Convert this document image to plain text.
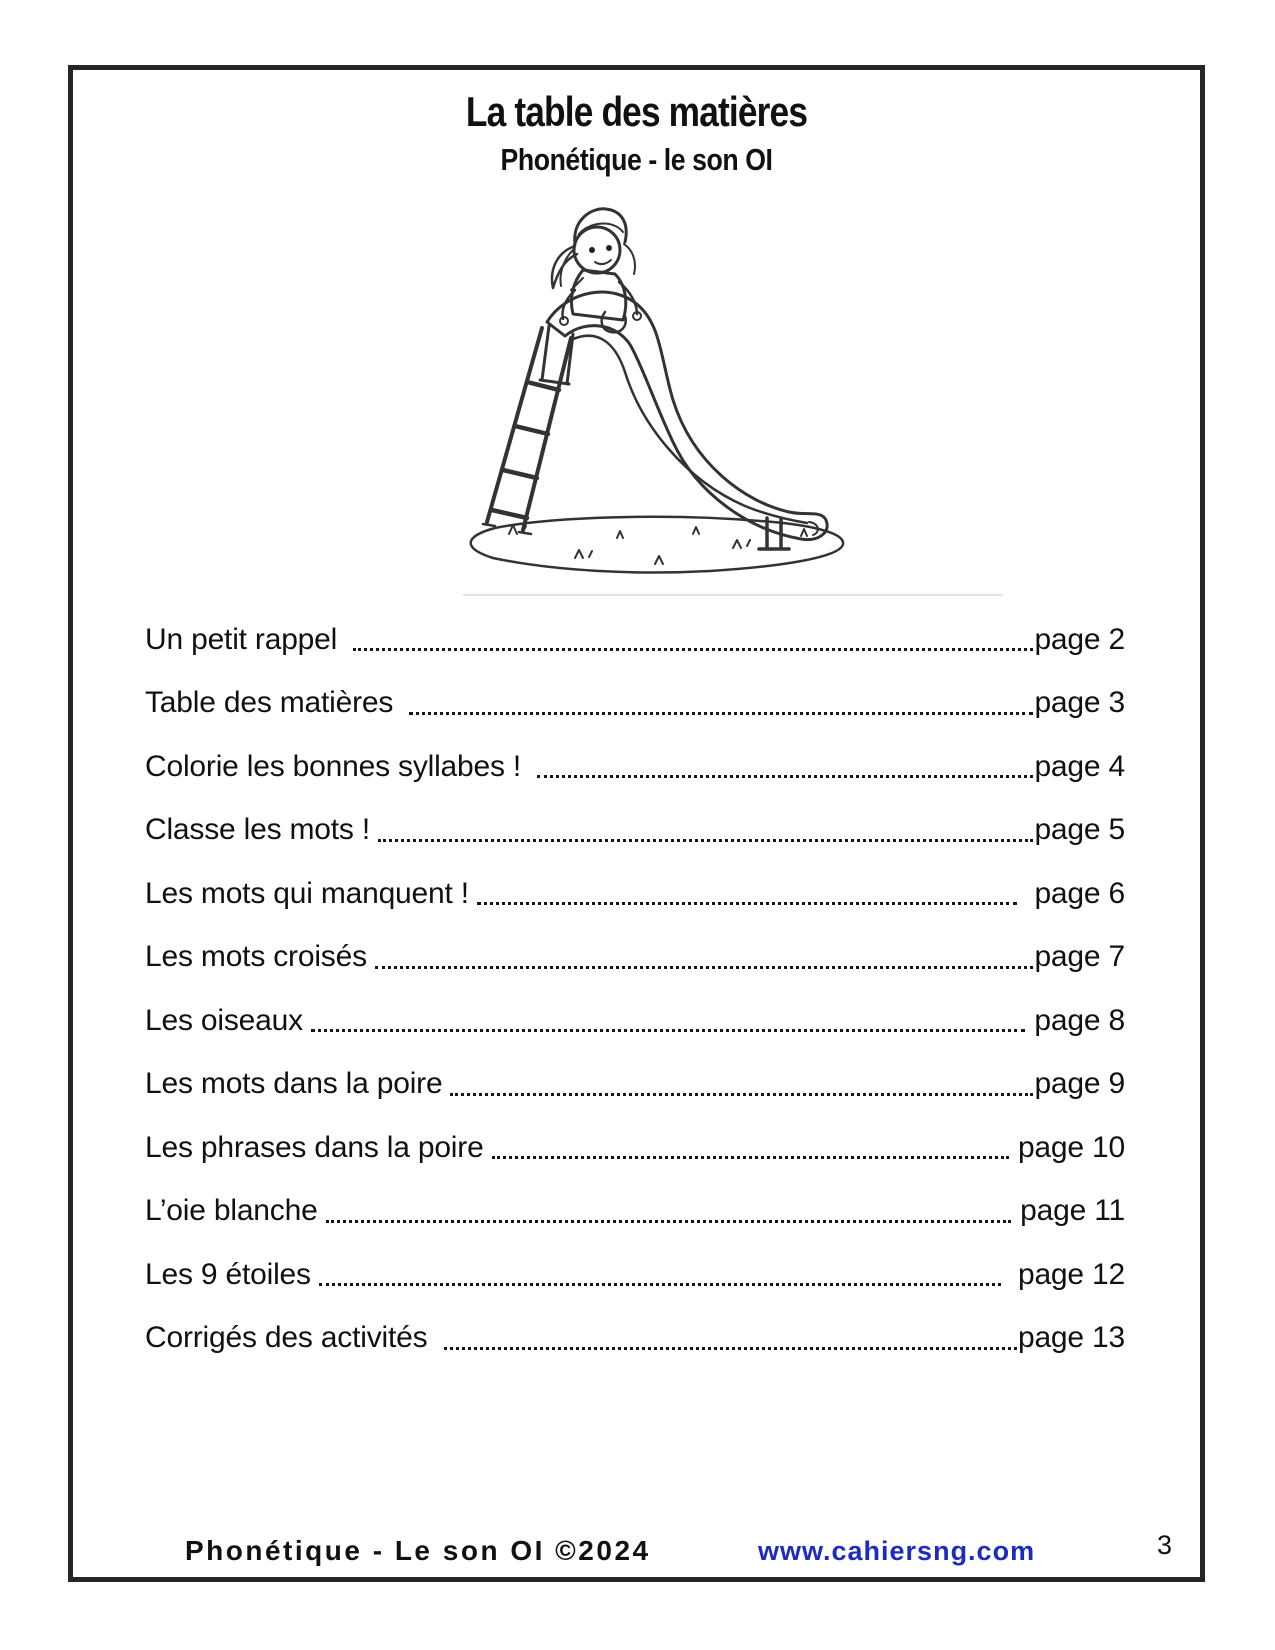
La table des matières
Phonétique - le son OI
Un petit rappel	page 2
Table des matières	page 3
Colorie les bonnes syllabes !	page 4
Classe les mots !	page 5
Les mots qui manquent !	page 6
Les mots croisés	page 7
Les oiseaux	page 8
Les mots dans la poire	page 9
Les phrases dans la poire	page 10
L’oie blanche	page 11
Les 9 étoiles	page 12
Corrigés des activités	page 13
Phonétique - Le son OI ©2024	www.cahiersng.com	3
